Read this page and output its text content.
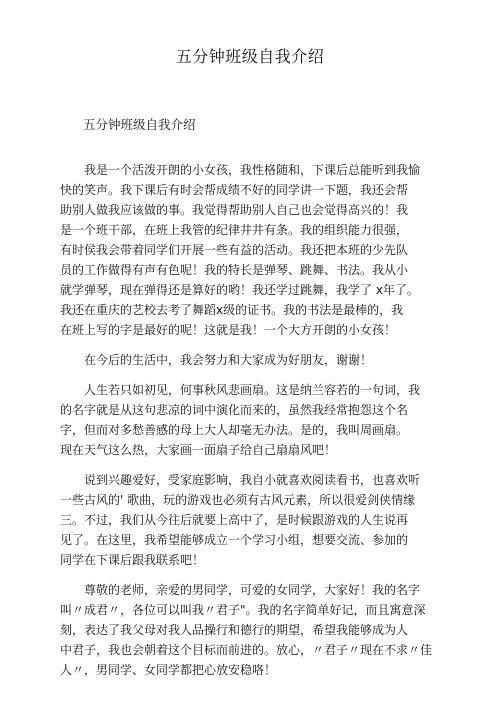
五分钟班级自我介绍
五分钟班级自我介绍

我是一个活泼开朗的小女孩，我性格随和，下课后总能听到我愉
快的笑声。我下课后有时会帮成绩不好的同学讲一下题，我还会帮
助别人做我应该做的事。我觉得帮助别人自己也会觉得高兴的！我
是一个班干部，在班上我管的纪律井井有条。我的组织能力很强，
有时侯我会带着同学们开展一些有益的活动。我还把本班的少先队
员的工作做得有声有色呢！我的特长是弹琴、跳舞、书法。我从小
就学弹琴，现在弹得还是算好的哟！我还学过跳舞，我学了 x年了。
我还在重庆的艺校去考了舞蹈x级的证书。我的书法是最棒的，我
在班上写的字是最好的呢！这就是我！一个大方开朗的小女孩！

在今后的生活中，我会努力和大家成为好朋友，谢谢！

人生若只如初见，何事秋风悲画扇。这是纳兰容若的一句词，我
的名字就是从这句悲凉的词中演化而来的，虽然我经常抱怨这个名
字，但而对多愁善感的母上大人却毫无办法。是的，我叫周画扇。
现在天气这么热，大家画一面扇子给自己扇扇风吧！

说到兴趣爱好，受家庭影响，我自小就喜欢阅读看书，也喜欢听
一些古风的' 歌曲，玩的游戏也必须有古风元素，所以很爱剑侠情缘
三。不过，我们从今往后就要上高中了，是时候跟游戏的人生说再
见了。在这里，我希望能够成立一个学习小组，想要交流、参加的
同学在下课后跟我联系吧！

尊敬的老师，亲爱的男同学，可爱的女同学，大家好！我的名字
叫〃成君〃，各位可以叫我〃君子"。我的名字简单好记，而且寓意深
刻，表达了我父母对我人品操行和德行的期望，希望我能够成为人
中君子，我也会朝着这个目标而前进的。放心，〃君子〃现在不求〃佳
人〃，男同学、女同学都把心放安稳咯！
